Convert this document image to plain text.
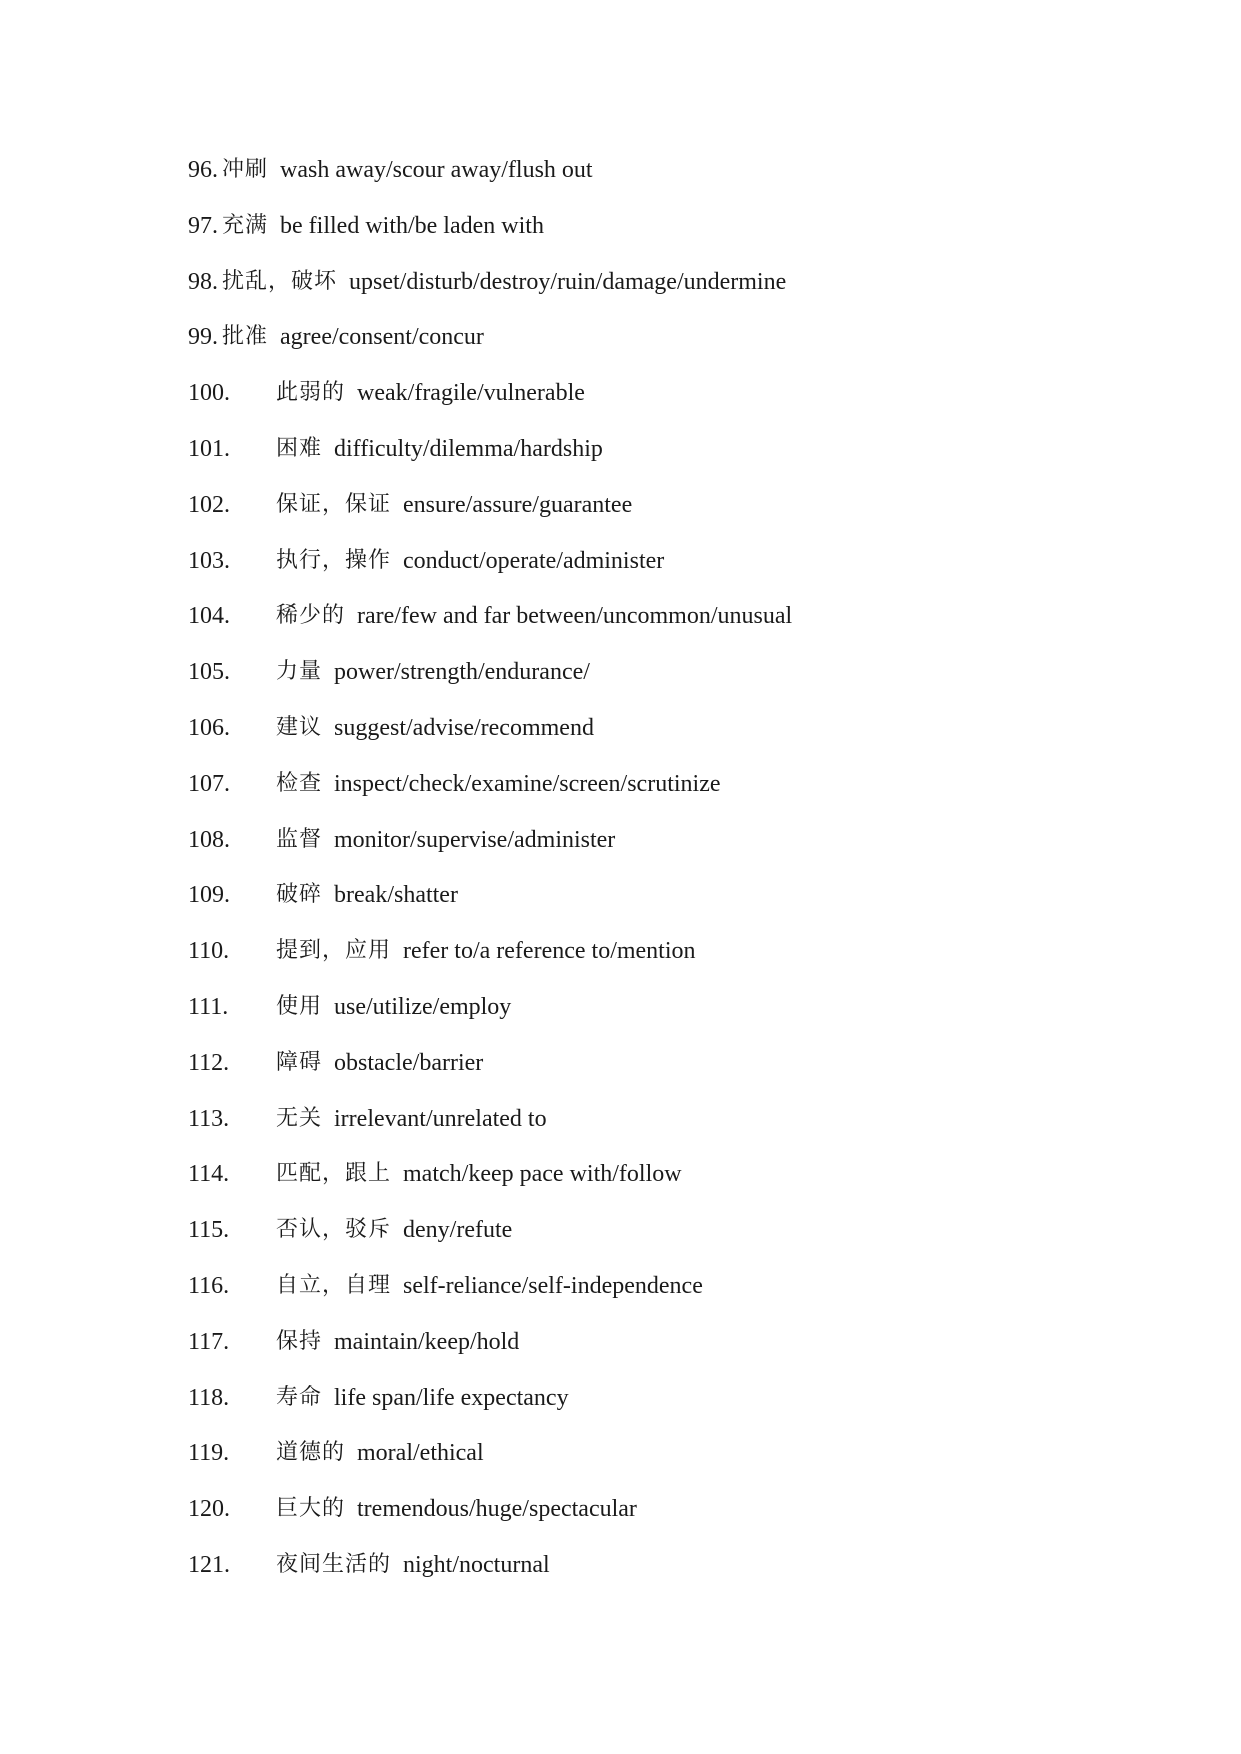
96. 冲刷 wash away/scour away/flush out
97. 充满 be filled with/be laden with
98. 扰乱，破坏 upset/disturb/destroy/ruin/damage/undermine
99. 批准 agree/consent/concur
100.	此弱的 weak/fragile/vulnerable
101.	困难 difficulty/dilemma/hardship
102.	保证，保证 ensure/assure/guarantee
103.	执行，操作 conduct/operate/administer
104.	稀少的 rare/few and far between/uncommon/unusual
105.	力量 power/strength/endurance/
106.	建议 suggest/advise/recommend
107.	检查 inspect/check/examine/screen/scrutinize
108.	监督 monitor/supervise/administer
109.	破碎 break/shatter
110.	提到，应用 refer to/a reference to/mention
111.	使用 use/utilize/employ
112.	障碍 obstacle/barrier
113.	无关 irrelevant/unrelated to
114.	匹配，跟上 match/keep pace with/follow
115.	否认，驳斥 deny/refute
116.	自立，自理 self-reliance/self-independence
117.	保持 maintain/keep/hold
118.	寿命 life span/life expectancy
119.	道德的 moral/ethical
120.	巨大的 tremendous/huge/spectacular
121.	夜间生活的 night/nocturnal
